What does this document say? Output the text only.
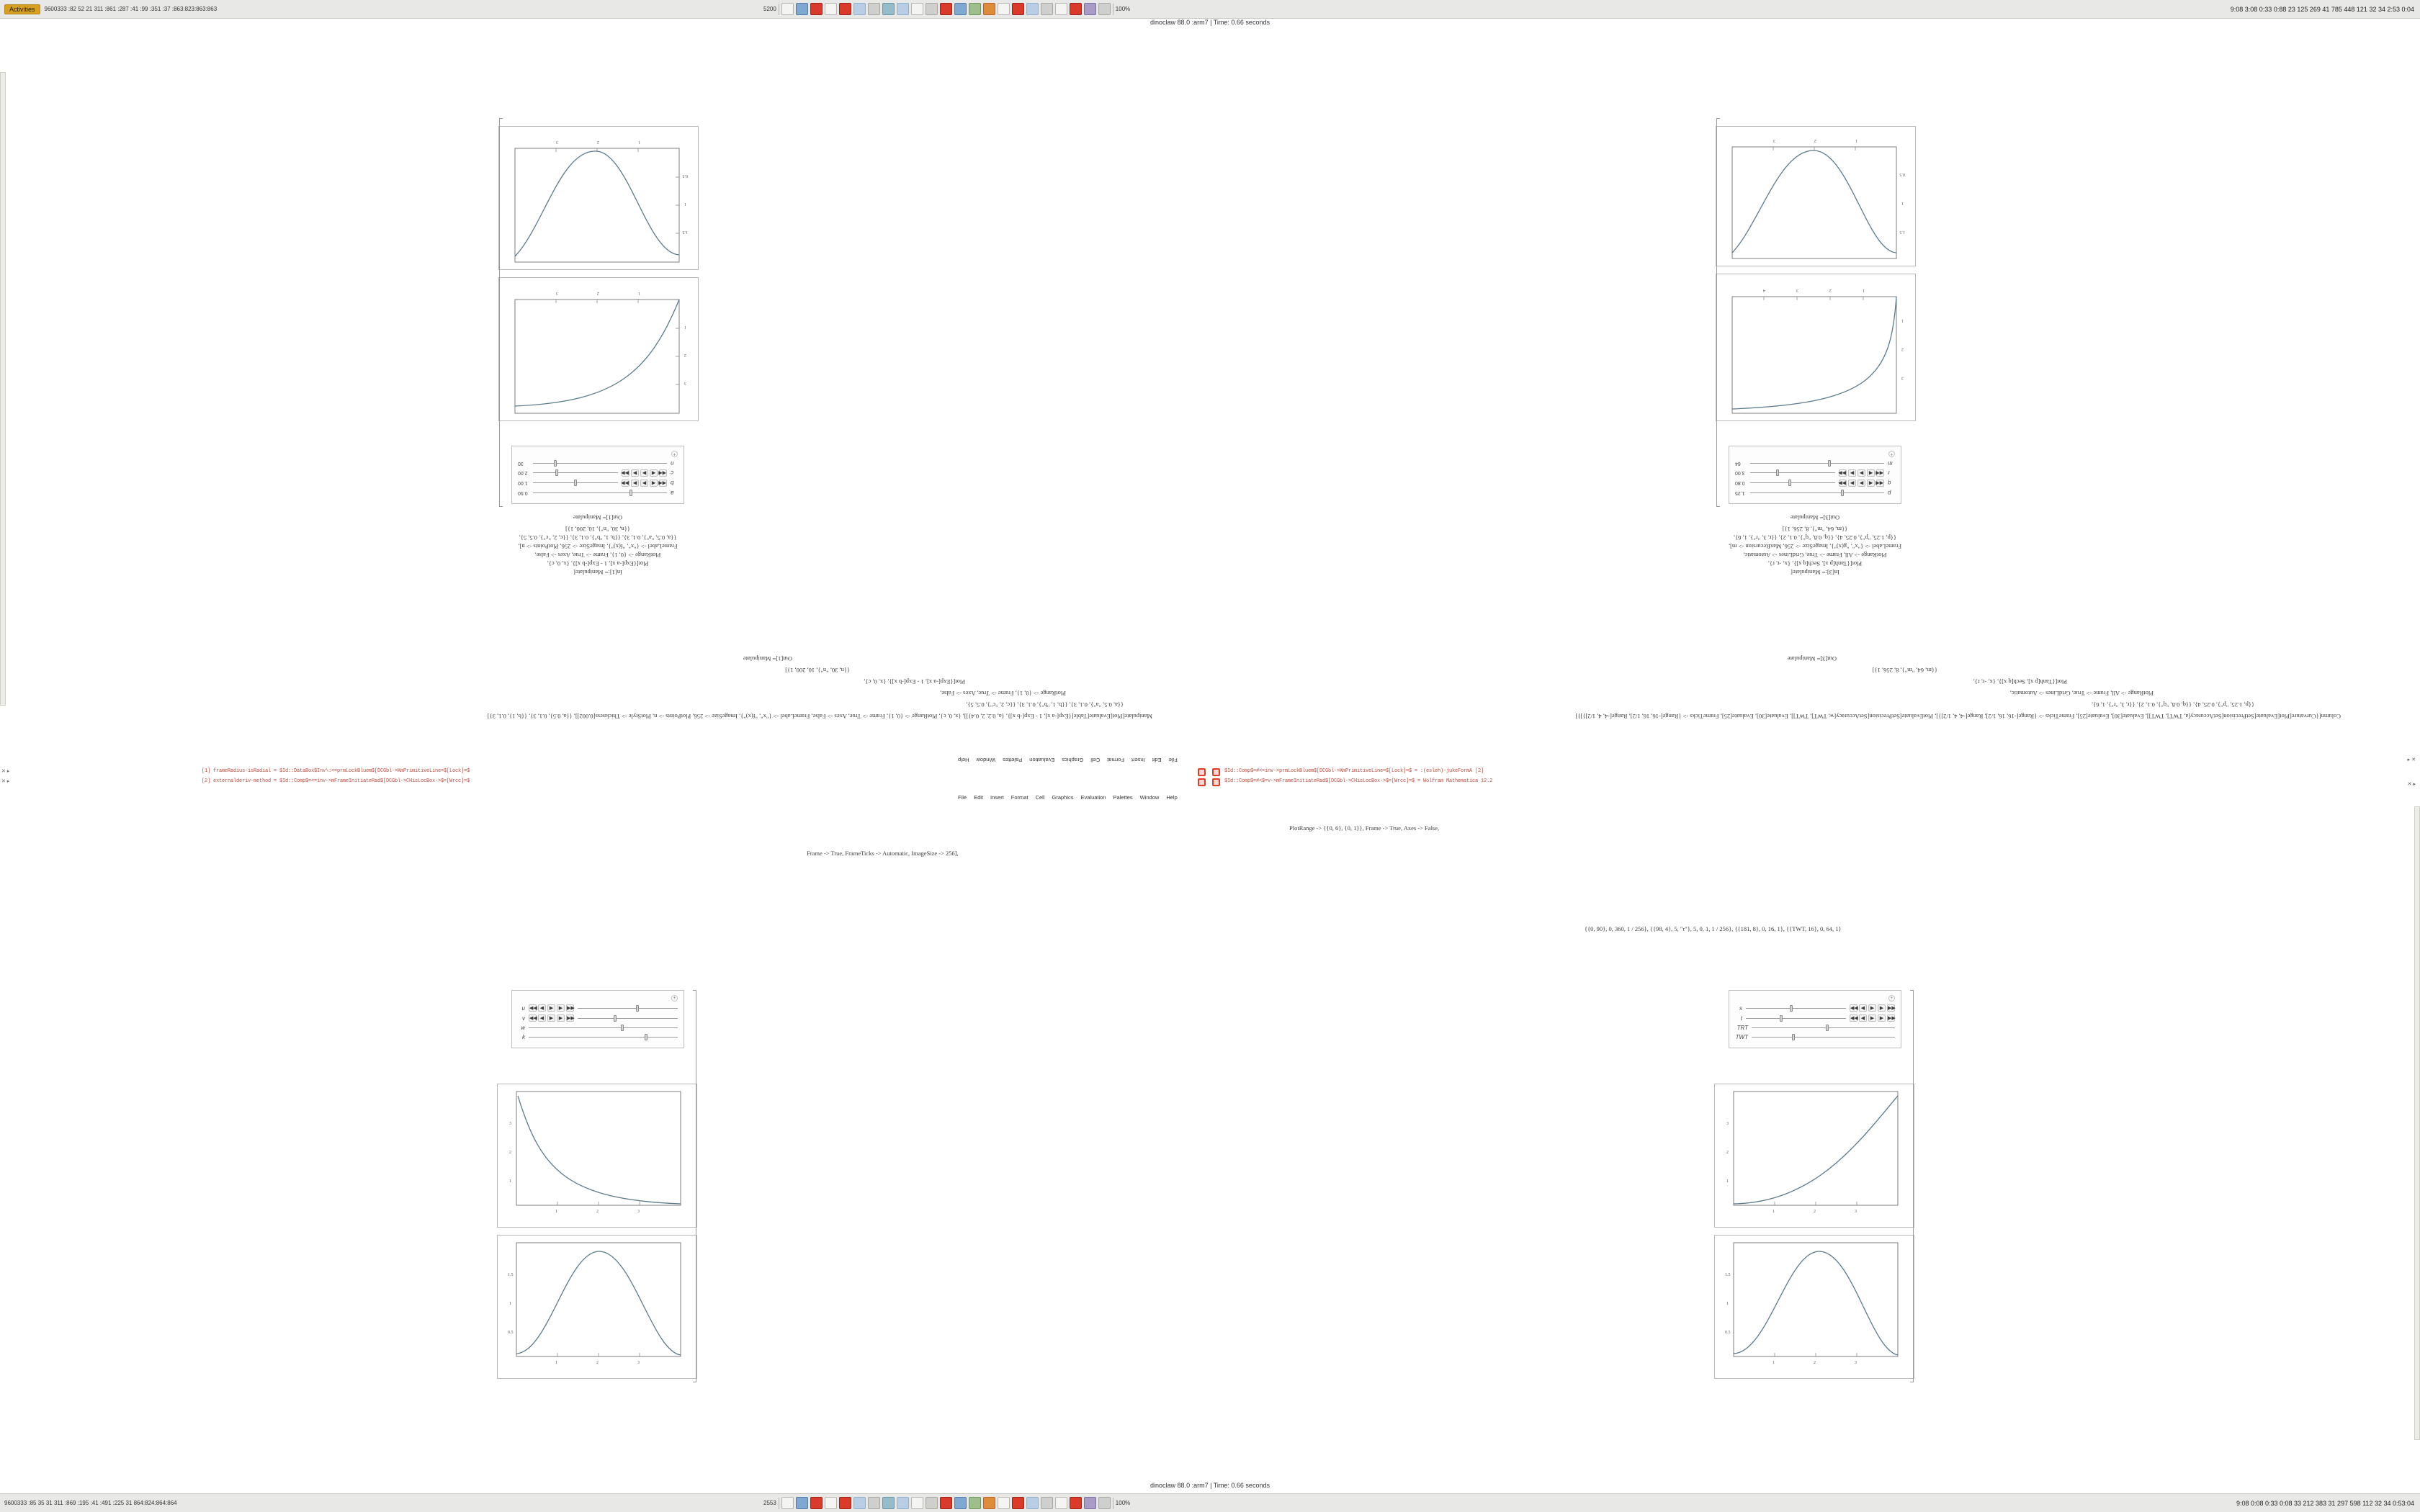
Activities	9600333 :82 52 21 311 :861 :287 :41 :99 :351 :37 :863:823:863:863	5200	100%	9:08 3:08 0:33 0:88 23 125 269 41 785 448 121 32 34 2:53 0:04
dinoclaw 88.0 :arm7 | Time: 0.66 seconds
In[1]:= Manipulate[
Plot[{Exp[-a x], 1 - Exp[-b x]}, {x, 0, c},
PlotRange -> {0, 1}, Frame -> True, Axes -> False,
FrameLabel -> {"x", "f(x)"}, ImageSize -> 256, PlotPoints -> n],
{{a, 0.5, "a"}, 0.1, 3}, {{b, 1, "b"}, 0.1, 3}, {{c, 2, "c"}, 0.5, 5},
{{n, 30, "n"}, 10, 200, 1}]
Out[1]= Manipulate
a
0.50
b
◀◀
◀
▶
▶
▶▶
1.00
c
◀◀
◀
▶
▶
▶▶
2.00
n
30
+
1
2
3
1
2
3
1
2
3
0.5
1
1.5
In[3]:= Manipulate[
Plot[{Tanh[p x], Sech[q x]}, {x, -r, r},
PlotRange -> All, Frame -> True, GridLines -> Automatic,
FrameLabel -> {"x", "g(x)"}, ImageSize -> 256, MaxRecursion -> m],
{{p, 1.25, "p"}, 0.25, 4}, {{q, 0.8, "q"}, 0.1, 2}, {{r, 3, "r"}, 1, 6},
{{m, 64, "m"}, 8, 256, 1}]
Out[3]= Manipulate
p
1.25
q
◀◀
◀
▶
▶
▶▶
0.80
r
◀◀
◀
▶
▶
▶▶
3.00
m
64
+
1
2
3
4
1
2
3
1
2
3
0.5
1
1.5
Manipulate[Plot[Evaluate[Table[{Exp[-a x], 1 - Exp[-b x]}, {a, 0.2, 2, 0.4}]], {x, 0, c}, PlotRange -> {0, 1}, Frame -> True, Axes -> False, FrameLabel -> {"x", "f(x)"}, ImageSize -> 256, PlotPoints -> n, PlotStyle -> Thickness[0.002]], {{a, 0.5}, 0.1, 3}, {{b, 1}, 0.1, 3}]
{{a, 0.5, "a"}, 0.1, 3}, {{b, 1, "b"}, 0.1, 3}, {{c, 2, "c"}, 0.5, 5},
PlotRange -> {0, 1}, Frame -> True, Axes -> False,
Plot[{Exp[-a x], 1 - Exp[-b x]}, {x, 0, c},
{{n, 30, "n"}, 10, 200, 1}]
Out[1]= Manipulate
Column[{Curvature[Plot[Evaluate[SetPrecision[SetAccuracy[a, TWT], TWT]], Evaluate[30], Evaluate[25], FrameTicks -> {Range[-16, 16, 1/2], Range[-4, 4, 1/2]}], PlotEvaluate[SetPrecision[SetAccuracy[w, TWT], TWT]], Evaluate[30], Evaluate[25], FrameTicks -> {Range[-16, 16, 1/2], Range[-4, 4, 1/2]}]}]
{{p, 1.25, "p"}, 0.25, 4}, {{q, 0.8, "q"}, 0.1, 2}, {{r, 3, "r"}, 1, 6},
PlotRange -> All, Frame -> True, GridLines -> Automatic,
Plot[{Tanh[p x], Sech[q x]}, {x, -r, r},
{{m, 64, "m"}, 8, 256, 1}]
Out[3]= Manipulate
+
u ◀◀ ◀	▶	▶ ▶▶
v ◀◀ ◀	▶	▶ ▶▶
w
k
1	2	3
1
2
3
1	2	3
0.5
1
1.5
+
s	◀◀ ◀	▶	▶ ▶▶
t	◀◀ ◀	▶	▶ ▶▶
TRT
TWT
1	2	3
1
2
3
1	2	3
0.5
1
1.5
File
Edit
Insert
Format
Cell
Graphics
Evaluation
Palettes
Window
Help
File Edit Insert Format Cell Graphics Evaluation Palettes Window Help
[1] frameRadius-isRadial = $Id::DataBox$Inv\:<=prmLockBluem$[DCGbl->KmPrimitiveLine=$[Lock]=$	$Id::Comp$=#<=inv->prmLockBluem$[DCGbl->KmPrimitiveLine=$[Lock]=$ = :(esleh)-jukeFormA [2]
[2] externalderiv-method = $Id::Comp$=<=inv->mFrameInitiateRad$[DCGbl->CHisLocBox->$=[Wrcc]=$	$Id::Comp$=#<$=v->mFrameInitiateRad$[DCGbl->CHisLocBox->$=[Wrcc]=$ = Wolfram Mathematica 12.2
✕ ▸
✕ ▸
▸ ✕
✕ ▸
Frame -> True, FrameTicks -> Automatic, ImageSize -> 256],
PlotRange -> {{0, 6}, {0, 1}}, Frame -> True, Axes -> False,
{{0, 90}, 0, 360, 1 / 256}, {{98, 4}, 5, "r"}, 5, 0, 1, 1 / 256}, {{181, 8}, 0, 16, 1}, {{TWT, 16}, 0, 64, 1}
dinoclaw 88.0 :arm7 | Time: 0.66 seconds
9600333 :85 35 31 311 :869 :195 :41 :491 :225 31 864:824:864:864	2553	100%	9:08 0:08 0:33 0:08 33 212 383 31 297 598 112 32 34 0:53:04
